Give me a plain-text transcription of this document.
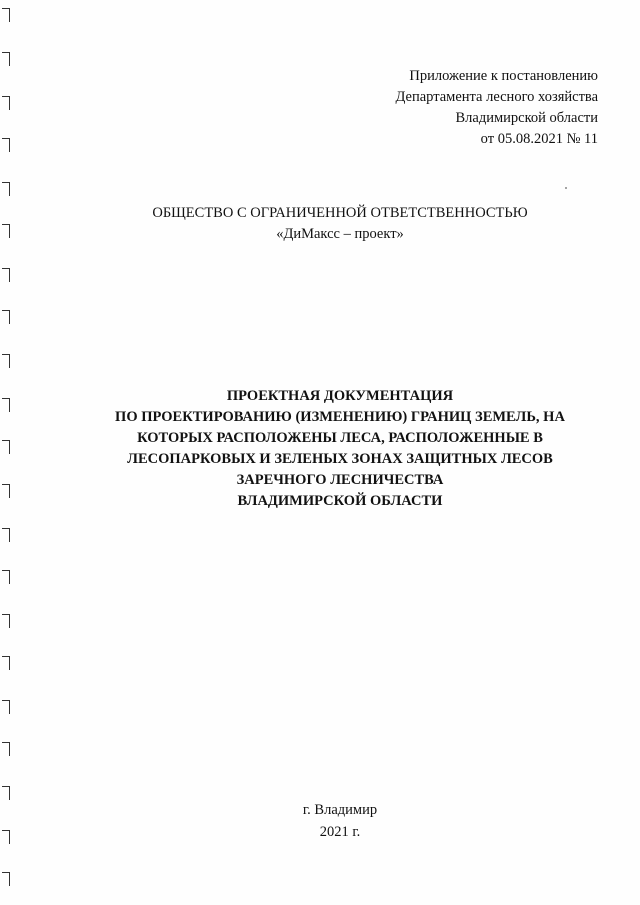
Приложение к постановлению
Департамента лесного хозяйства
Владимирской области
от 05.08.2021 № 11
ОБЩЕСТВО С ОГРАНИЧЕННОЙ ОТВЕТСТВЕННОСТЬЮ
«ДиМаксс – проект»
ПРОЕКТНАЯ ДОКУМЕНТАЦИЯ
ПО ПРОЕКТИРОВАНИЮ (ИЗМЕНЕНИЮ) ГРАНИЦ ЗЕМЕЛЬ, НА
КОТОРЫХ РАСПОЛОЖЕНЫ ЛЕСА, РАСПОЛОЖЕННЫЕ В
ЛЕСОПАРКОВЫХ И ЗЕЛЕНЫХ ЗОНАХ ЗАЩИТНЫХ ЛЕСОВ
ЗАРЕЧНОГО ЛЕСНИЧЕСТВА
ВЛАДИМИРСКОЙ ОБЛАСТИ
г. Владимир
2021 г.
